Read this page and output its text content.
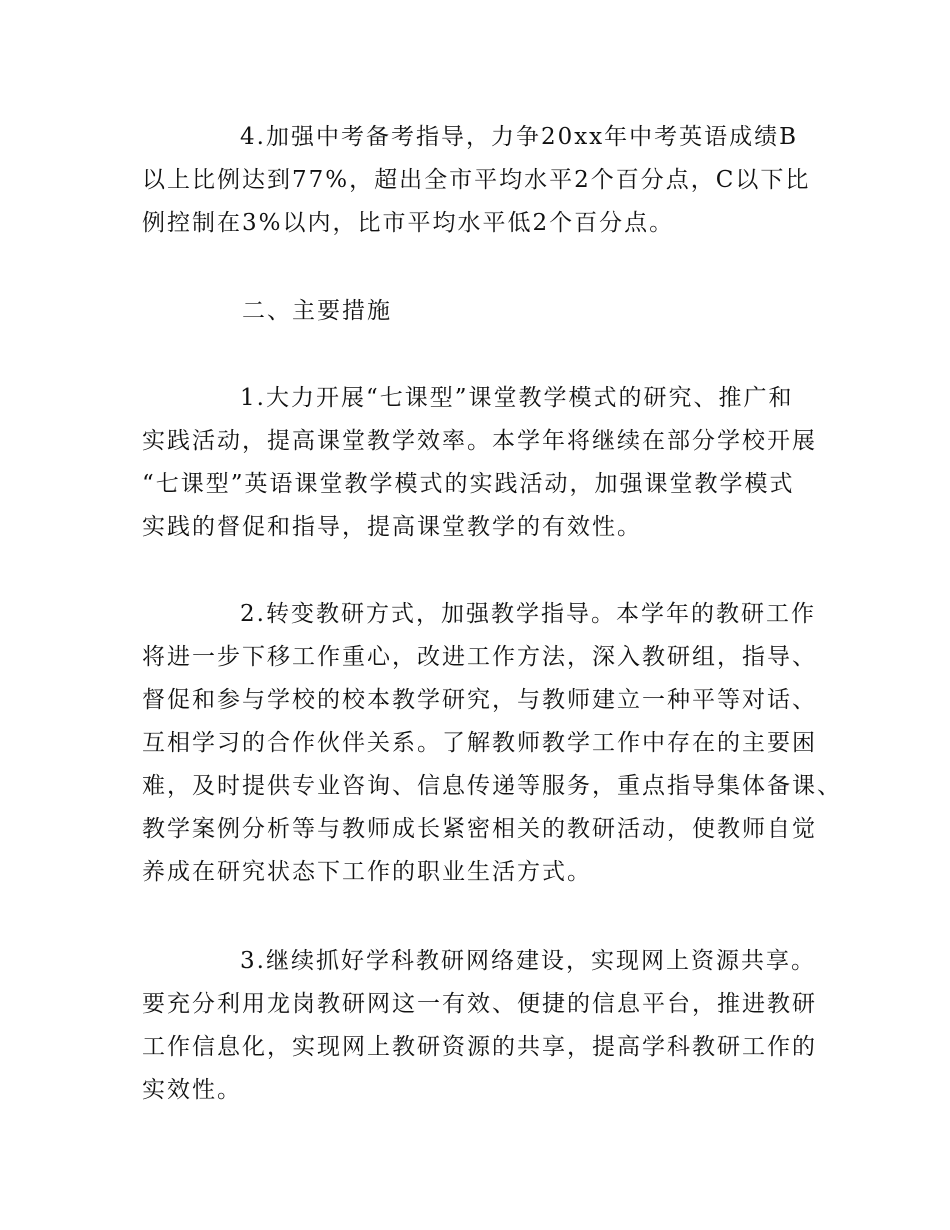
4.加强中考备考指导，力争20xx年中考英语成绩B
以上比例达到77%，超出全市平均水平2个百分点，C以下比
例控制在3%以内，比市平均水平低2个百分点。

二、主要措施

1.大力开展“七课型”课堂教学模式的研究、推广和
实践活动，提高课堂教学效率。本学年将继续在部分学校开展
“七课型”英语课堂教学模式的实践活动，加强课堂教学模式
实践的督促和指导，提高课堂教学的有效性。

2.转变教研方式，加强教学指导。本学年的教研工作
将进一步下移工作重心，改进工作方法，深入教研组，指导、
督促和参与学校的校本教学研究，与教师建立一种平等对话、
互相学习的合作伙伴关系。了解教师教学工作中存在的主要困
难，及时提供专业咨询、信息传递等服务，重点指导集体备课、
教学案例分析等与教师成长紧密相关的教研活动，使教师自觉
养成在研究状态下工作的职业生活方式。

3.继续抓好学科教研网络建设，实现网上资源共享。
要充分利用龙岗教研网这一有效、便捷的信息平台，推进教研
工作信息化，实现网上教研资源的共享，提高学科教研工作的
实效性。
